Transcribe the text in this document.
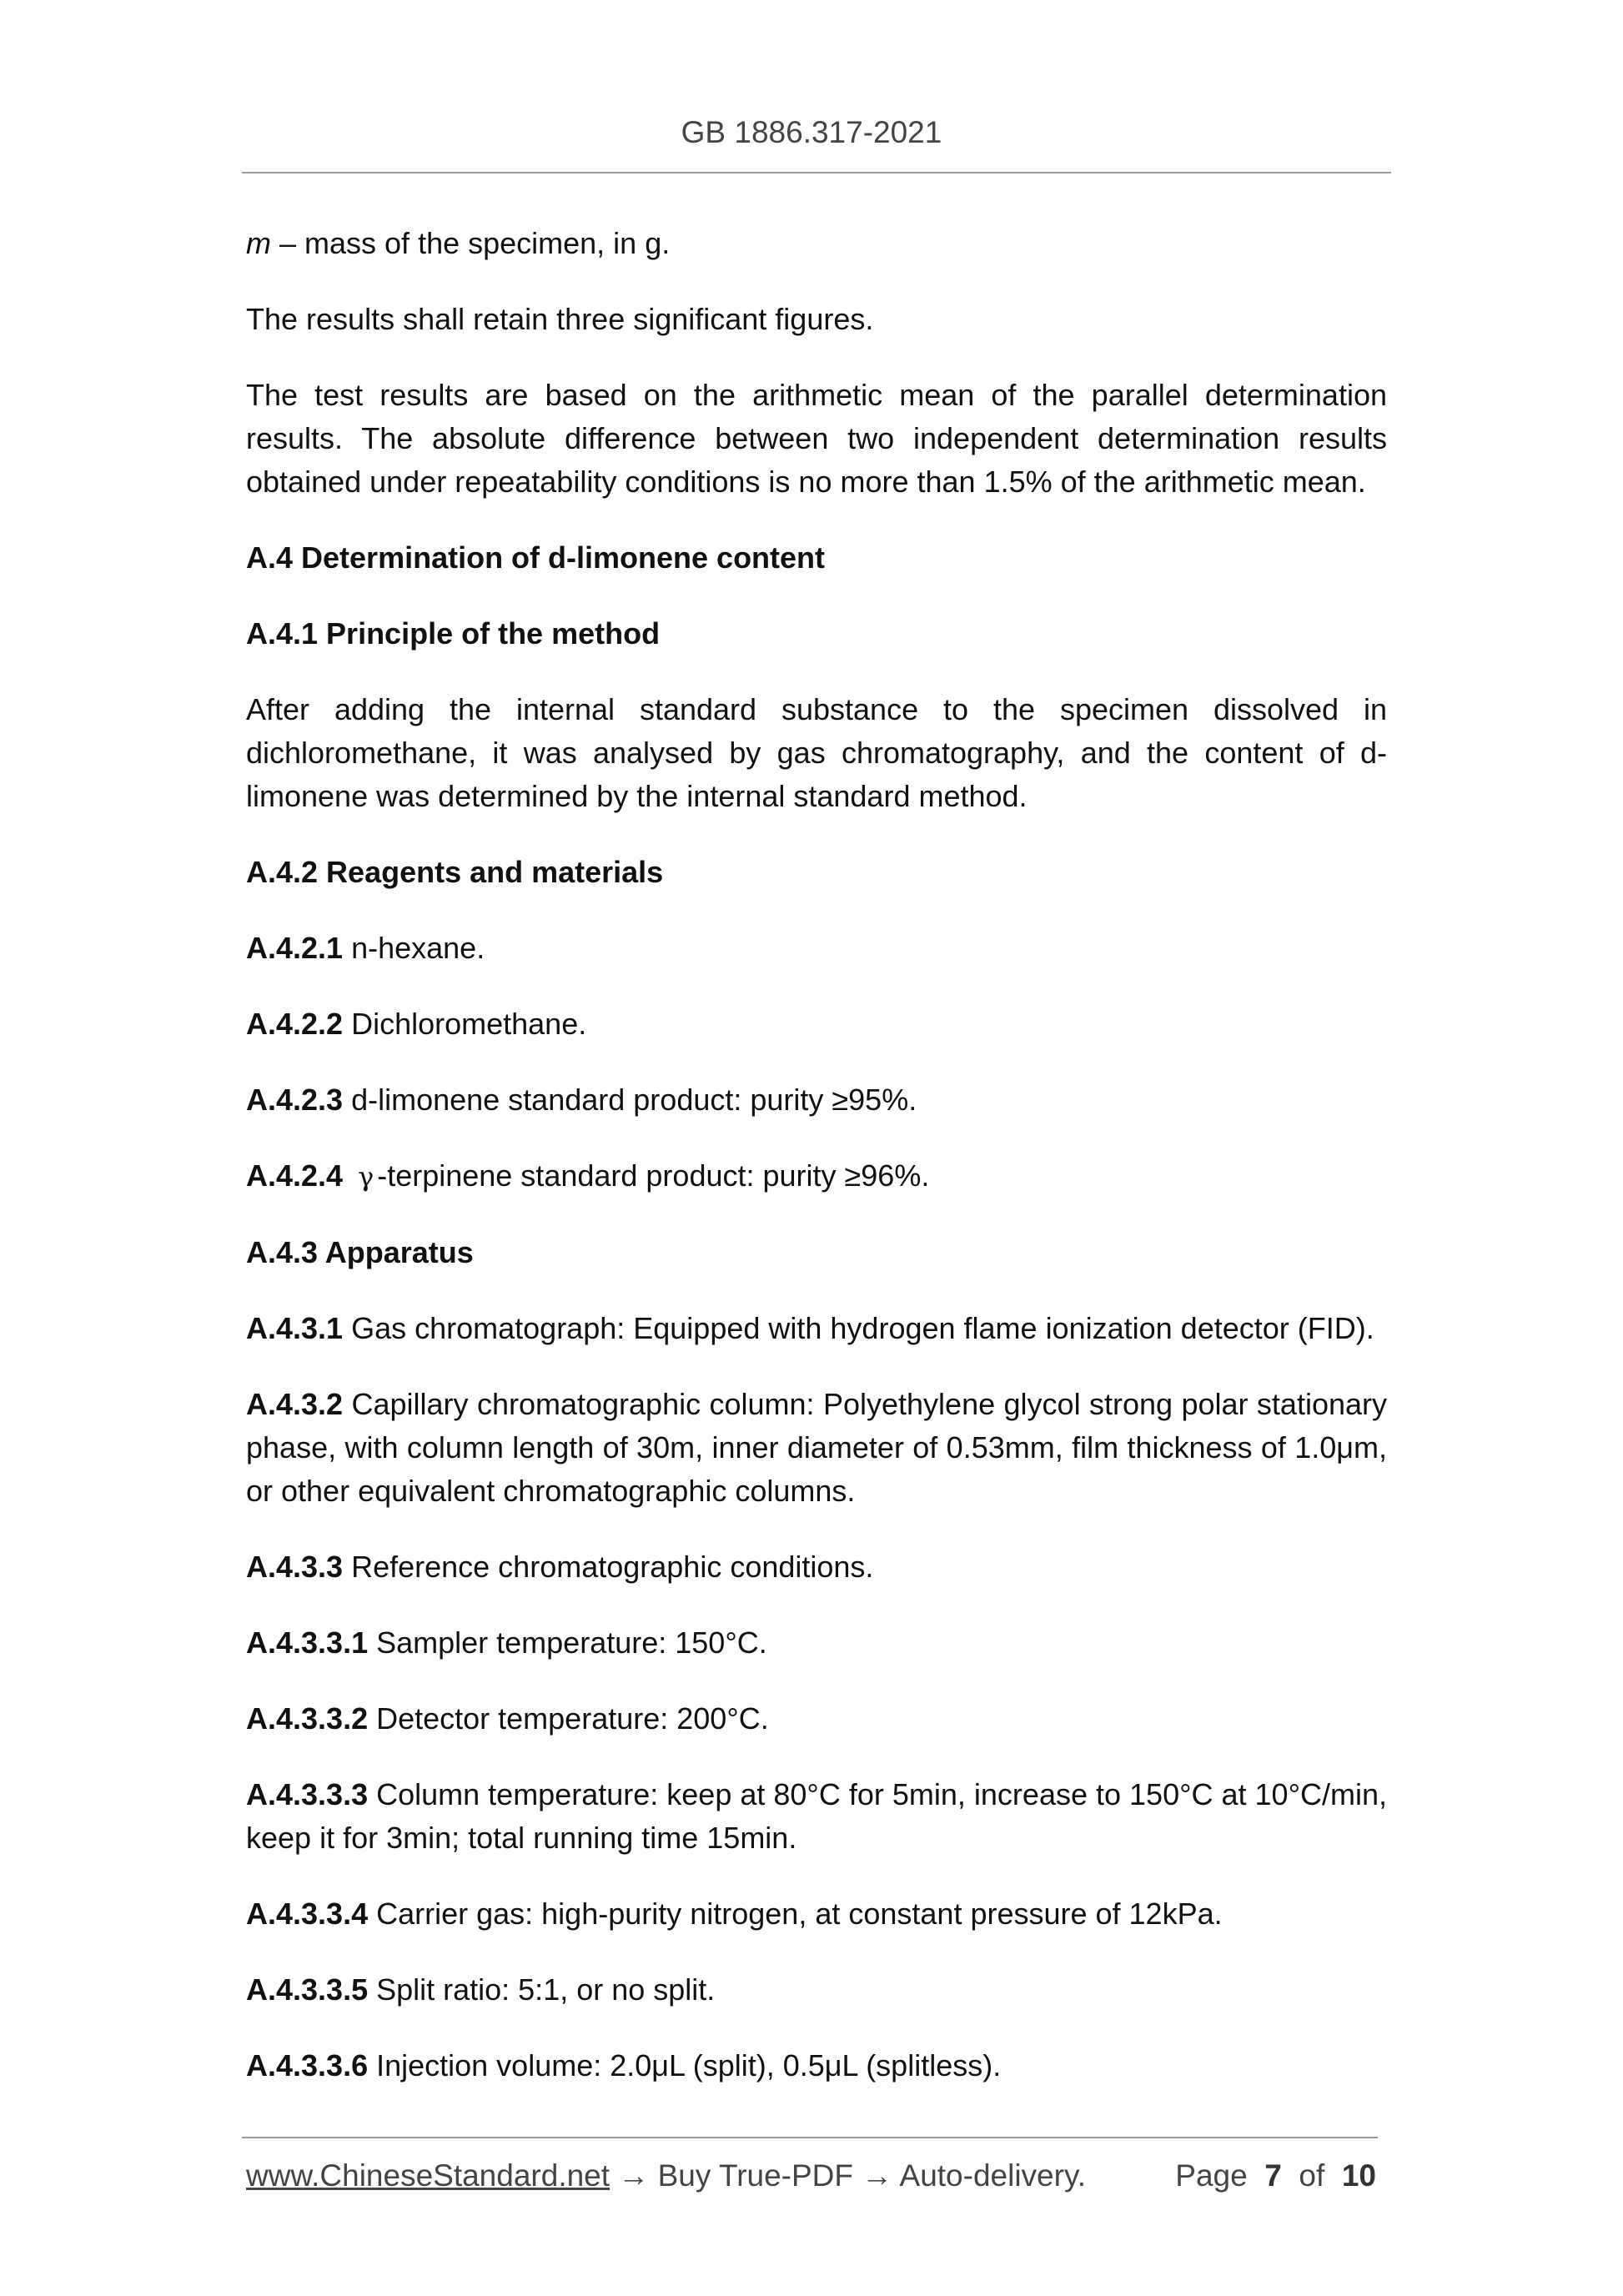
GB 1886.317-2021

m – mass of the specimen, in g.

The results shall retain three significant figures.

The test results are based on the arithmetic mean of the parallel determination results. The absolute difference between two independent determination results obtained under repeatability conditions is no more than 1.5% of the arithmetic mean.

A.4 Determination of d-limonene content

A.4.1 Principle of the method

After adding the internal standard substance to the specimen dissolved in dichloromethane, it was analysed by gas chromatography, and the content of d-limonene was determined by the internal standard method.

A.4.2 Reagents and materials

A.4.2.1 n-hexane.

A.4.2.2 Dichloromethane.

A.4.2.3 d-limonene standard product: purity ≥95%.

A.4.2.4 γ -terpinene standard product: purity ≥96%.

A.4.3 Apparatus

A.4.3.1 Gas chromatograph: Equipped with hydrogen flame ionization detector (FID).

A.4.3.2 Capillary chromatographic column: Polyethylene glycol strong polar stationary phase, with column length of 30m, inner diameter of 0.53mm, film thickness of 1.0μm, or other equivalent chromatographic columns.

A.4.3.3 Reference chromatographic conditions.

A.4.3.3.1 Sampler temperature: 150°C.

A.4.3.3.2 Detector temperature: 200°C.

A.4.3.3.3 Column temperature: keep at 80°C for 5min, increase to 150°C at 10°C/min, keep it for 3min; total running time 15min.

A.4.3.3.4 Carrier gas: high-purity nitrogen, at constant pressure of 12kPa.

A.4.3.3.5 Split ratio: 5:1, or no split.

A.4.3.3.6 Injection volume: 2.0μL (split), 0.5μL (splitless).

www.ChineseStandard.net → Buy True-PDF → Auto-delivery.	Page 7 of 10
